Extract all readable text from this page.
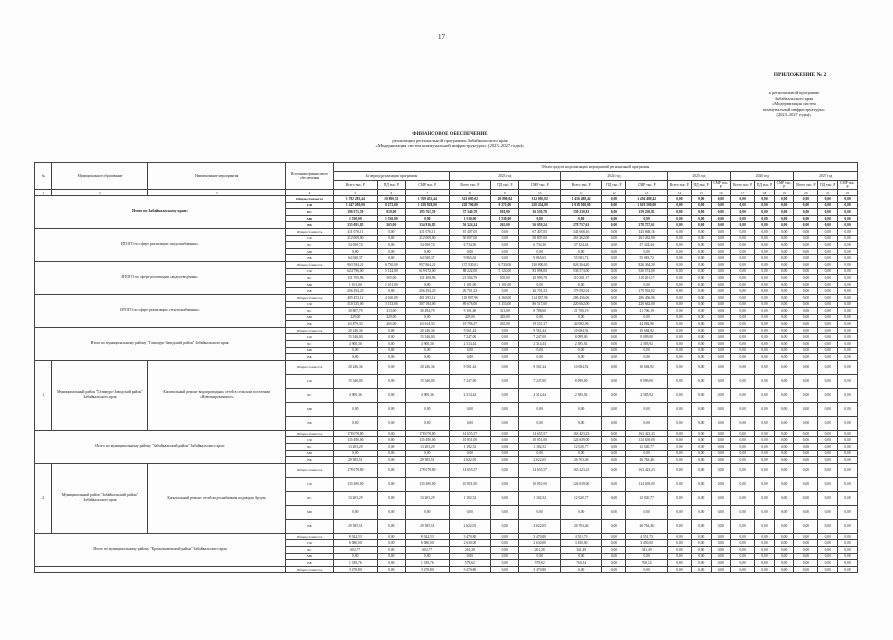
17
ПРИЛОЖЕНИЕ № 2
к региональной программе
Забайкальского края
«Модернизация систем
коммунальной инфраструктуры»
(2023–2027 годы)»
ФИНАНСОВОЕ ОБЕСПЕЧЕНИЕ
реализации региональной программы Забайкальского края
«Модернизация систем коммунальной инфраструктуры» (2023–2027 годы)»
№	Муниципальное образование	Наименование мероприятия	Источники финансового обеспечения	Объем средств на реализацию мероприятий региональной программы																	
				За период реализации программы			2023 год			2024 год			2025 год			2026 год			2027 год		
				Всего тыс. Р	ПД тыс. Р	СМР тыс. Р	Всего тыс. Р	ПД тыс. Р	СМР тыс. Р	Всего тыс. Р	ПД тыс. Р	СМР тыс. Р	Всего тыс. Р	ПД тыс. Р	СМР тыс. Р	Всего тыс. Р	ПД тыс. Р	СМР тыс. Р	Всего тыс. Р	ПД тыс. Р	СМР тыс. Р
1	2	3	4	5	6	7	8	9	10	11	12	13	14	15	16	17	18	19	20	21	22
Итого по Забайкальскому краю:			Общая стоимость	1 792 283,44	10 890,51	1 769 453,44	323 095,02	20 890,04	312 095,02	1 456 488,42	0,00	1 456 488,42	0,00	0,00	0,00	0,00	0,00	0,00	0,00	0,00	0,00
			СФ	1 247 200,00	8 272,00	1 238 928,00	228 706,00	8 272,00	220 434,00	1 018 500,00	0,00	1 018 500,00	0,00	0,00	0,00	0,00	0,00	0,00	0,00	0,00	0,00
			БС	196 571,59	810,00	195 761,59	37 340,78	810,00	36 530,78	159 230,81	0,00	159 230,81	0,00	0,00	0,00	0,00	0,00	0,00	0,00	0,00	0,00
			МБ	1 530,00	1 530,00	0,00	1 530,00	1 530,00	0,00	0,00	0,00	0,00	0,00	0,00	0,00	0,00	0,00	0,00	0,00	0,00	0,00
			ВБ	335 081,85	265,00	334 816,85	56 324,24	265,00	56 059,24	278 757,61	0,00	278 757,61	0,00	0,00	0,00	0,00	0,00	0,00	0,00	0,00	0,00
ИТОГО по сфере реализации «водоснабжения»:			Общая стоимость	411 076,11	0,00	411 076,11	67 407,05	0,00	67 407,05	343 668,16	0,00	343 668,16	0,00	0,00	0,00	0,00	0,00	0,00	0,00	0,00	0,00
			СФ	312 069,00	0,00	312 069,00	50 807,00	0,00	50 807,00	261 262,00	0,00	261 262,00	0,00	0,00	0,00	0,00	0,00	0,00	0,00	0,00	0,00
			БС	34 058,74	0,00	34 058,74	6 734,30	0,00	6 734,30	27 324,44	0,00	27 324,44	0,00	0,00	0,00	0,00	0,00	0,00	0,00	0,00	0,00
			МБ	0,00	0,00	0,00	0,00	0,00	0,00	0,00	0,00	0,00	0,00	0,00	0,00	0,00	0,00	0,00	0,00	0,00	0,00
			ВБ	64 948,37	0,00	64 948,37	9 865,65	0,00	9 865,65	55 081,72	0,00	55 081,72	0,00	0,00	0,00	0,00	0,00	0,00	0,00	0,00	0,00
ИТОГО по сфере реализации «водоотведения»:			Общая стоимость	963 594,21	6 730,00	957 864,21	137 530,01	6 730,00	130 800,01	826 364,20	0,00	826 364,20	0,00	0,00	0,00	0,00	0,00	0,00	0,00	0,00	0,00
			СФ	624 796,00	5 124,00	619 672,00	88 222,00	5 124,00	83 098,00	536 574,00	0,00	536 574,00	0,00	0,00	0,00	0,00	0,00	0,00	0,00	0,00	0,00
			БС	131 705,96	505,00	131 200,96	21 504,79	505,00	20 999,79	110 201,17	0,00	110 201,17	0,00	0,00	0,00	0,00	0,00	0,00	0,00	0,00	0,00
			МБ	1 101,00	1 101,00	0,00	1 101,00	1 101,00	0,00	0,00	0,00	0,00	0,00	0,00	0,00	0,00	0,00	0,00	0,00	0,00	0,00
			ВБ	206 294,25	0,00	206 294,25	26 701,23	0,00	26 701,23	179 592,02	0,00	179 592,02	0,00	0,00	0,00	0,00	0,00	0,00	0,00	0,00	0,00
ИТОГО по сфере реализации «теплоснабжения»:			Общая стоимость	405 453,12	4 160,00	401 293,12	118 997,96	4 160,00	114 837,96	286 456,06	0,00	286 456,06	0,00	0,00	0,00	0,00	0,00	0,00	0,00	0,00	0,00
			СФ	310 335,00	3 153,00	307 184,00	89 676,00	3 153,00	86 517,00	220 662,00	0,00	220 662,00	0,00	0,00	0,00	0,00	0,00	0,00	0,00	0,00	0,00
			БС	30 807,79	313,00	30 494,79	9 101,60	313,00	8 788,60	21 706,19	0,00	21 706,19	0,00	0,00	0,00	0,00	0,00	0,00	0,00	0,00	0,00
			МБ	429,00	429,00	0,00	429,00	429,00	0,00	0,00	0,00	0,00	0,00	0,00	0,00	0,00	0,00	0,00	0,00	0,00	0,00
			ВБ	63 879,33	265,00	63 614,33	19 796,37	265,00	19 531,37	44 082,96	0,00	44 082,96	0,00	0,00	0,00	0,00	0,00	0,00	0,00	0,00	0,00
Итого по муниципальному району "Газимуро-Заводский район" Забайкальского края:			Общая стоимость	20 246,36	0,00	20 246,36	9 561,44	0,00	9 561,44	10 684,92	0,00	10 684,92	0,00	0,00	0,00	0,00	0,00	0,00	0,00	0,00	0,00
			СФ	15 346,00	0,00	15 346,00	7 247,00	0,00	7 247,00	8 099,00	0,00	8 099,00	0,00	0,00	0,00	0,00	0,00	0,00	0,00	0,00	0,00
			БС	4 900,36	0,00	4 900,36	2 314,44	0,00	2 314,44	2 585,92	0,00	2 585,92	0,00	0,00	0,00	0,00	0,00	0,00	0,00	0,00	0,00
			МБ	0,00	0,00	0,00	0,00	0,00	0,00	0,00	0,00	0,00	0,00	0,00	0,00	0,00	0,00	0,00	0,00	0,00	0,00
			ВБ	0,00	0,00	0,00	0,00	0,00	0,00	0,00	0,00	0,00	0,00	0,00	0,00	0,00	0,00	0,00	0,00	0,00	0,00
1	Муниципальный район "Газимуро-Заводский район" Забайкальского края	Капитальный ремонт водопроводных сетей в сельском поселении «Новоширокинское»	Общая стоимость	20 246,36	0,00	20 246,36	9 561,44	0,00	9 561,44	10 684,92	0,00	10 684,92	0,00	0,00	0,00	0,00	0,00	0,00	0,00	0,00	0,00
			СФ	15 346,00	0,00	15 346,00	7 247,00	0,00	7 247,00	8 099,00	0,00	8 099,00	0,00	0,00	0,00	0,00	0,00	0,00	0,00	0,00	0,00
			БС	4 900,36	0,00	4 900,36	2 314,44	0,00	2 314,44	2 585,92	0,00	2 585,92	0,00	0,00	0,00	0,00	0,00	0,00	0,00	0,00	0,00
			МБ	0,00	0,00	0,00	0,00	0,00	0,00	0,00	0,00	0,00	0,00	0,00	0,00	0,00	0,00	0,00	0,00	0,00	0,00
			ВБ	0,00	0,00	0,00	0,00	0,00	0,00	0,00	0,00	0,00	0,00	0,00	0,00	0,00	0,00	0,00	0,00	0,00	0,00
Итого по муниципальному району "Забайкальский район" Забайкальского края:			Общая стоимость	178 078,80	0,00	178 078,80	14 655,57	0,00	14 655,57	163 423,23	0,00	163 423,23	0,00	0,00	0,00	0,00	0,00	0,00	0,00	0,00	0,00
			СФ	135 490,00	0,00	135 490,00	10 851,00	0,00	10 851,00	124 639,00	0,00	124 639,00	0,00	0,00	0,00	0,00	0,00	0,00	0,00	0,00	0,00
			БС	13 203,29	0,00	13 203,29	1 182,52	0,00	1 182,52	12 020,77	0,00	12 020,77	0,00	0,00	0,00	0,00	0,00	0,00	0,00	0,00	0,00
			МБ	0,00	0,00	0,00	0,00	0,00	0,00	0,00	0,00	0,00	0,00	0,00	0,00	0,00	0,00	0,00	0,00	0,00	0,00
			ВБ	29 385,51	0,00	29 385,51	2 622,05	0,00	2 622,05	26 763,46	0,00	26 763,46	0,00	0,00	0,00	0,00	0,00	0,00	0,00	0,00	0,00
2	Муниципальный район "Забайкальский район" Забайкальского края	Капитальный ремонт сетей водоснабжения подаюдая Арзуль	Общая стоимость	178 078,80	0,00	178 078,80	14 655,57	0,00	14 655,57	163 423,23	0,00	163 423,23	0,00	0,00	0,00	0,00	0,00	0,00	0,00	0,00	0,00
			СФ	135 490,00	0,00	135 490,00	10 851,00	0,00	10 851,00	124 639,00	0,00	124 639,00	0,00	0,00	0,00	0,00	0,00	0,00	0,00	0,00	0,00
			БС	13 203,29	0,00	13 203,29	1 182,52	0,00	1 182,52	12 020,77	0,00	12 020,77	0,00	0,00	0,00	0,00	0,00	0,00	0,00	0,00	0,00
			МБ	0,00	0,00	0,00	0,00	0,00	0,00	0,00	0,00	0,00	0,00	0,00	0,00	0,00	0,00	0,00	0,00	0,00	0,00
			ВБ	29 385,51	0,00	29 385,51	2 622,05	0,00	2 622,05	26 763,46	0,00	26 763,46	0,00	0,00	0,00	0,00	0,00	0,00	0,00	0,00	0,00
Итого по муниципальному району "Краснокаменский район" Забайкальского края			Общая стоимость	8 022,53	0,00	8 022,53	3 470,80	0,00	3 470,80	4 551,73	0,00	4 551,73	0,00	0,00	0,00	0,00	0,00	0,00	0,00	0,00	0,00
			СФ	6 080,00	0,00	6 080,00	2 630,00	0,00	2 630,00	3 450,00	0,00	3 450,00	0,00	0,00	0,00	0,00	0,00	0,00	0,00	0,00	0,00
			БС	602,77	0,00	602,77	261,28	0,00	261,28	341,49	0,00	341,49	0,00	0,00	0,00	0,00	0,00	0,00	0,00	0,00	0,00
			МБ	0,00	0,00	0,00	0,00	0,00	0,00	0,00	0,00	0,00	0,00	0,00	0,00	0,00	0,00	0,00	0,00	0,00	0,00
			ВБ	1 339,76	0,00	1 339,76	579,62	0,00	579,62	760,14	0,00	760,14	0,00	0,00	0,00	0,00	0,00	0,00	0,00	0,00	0,00
			Общая стоимость	3 470,80	0,00	3 470,80	3 470,80	0,00	3 470,80	0,00	0,00	0,00	0,00	0,00	0,00	0,00	0,00	0,00	0,00	0,00	0,00
